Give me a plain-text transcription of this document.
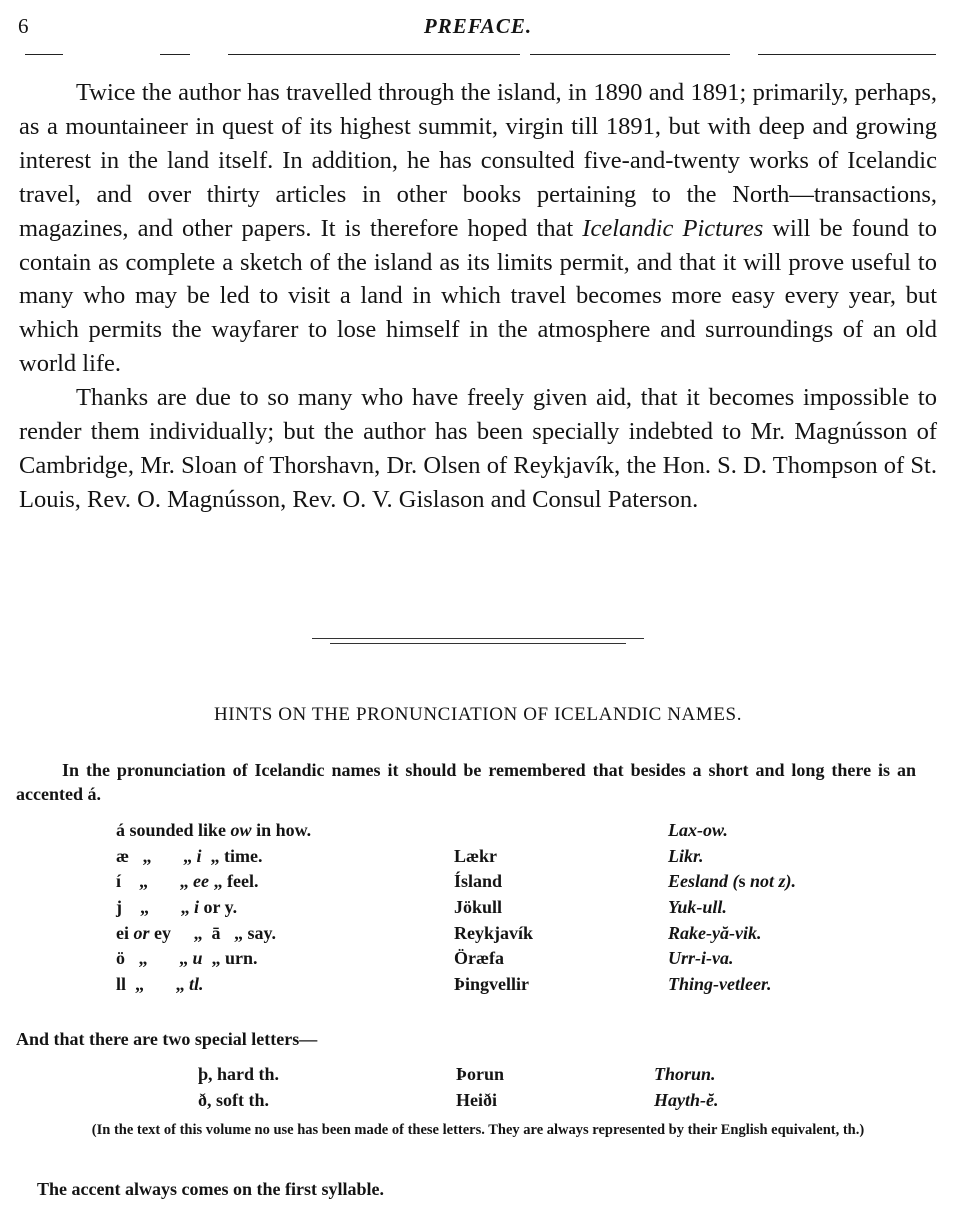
6	PREFACE.

Twice the author has travelled through the island, in 1890 and 1891; primarily, perhaps, as a mountaineer in quest of its highest summit, virgin till 1891, but with deep and growing interest in the land itself. In addition, he has consulted five-and-twenty works of Icelandic travel, and over thirty articles in other books pertaining to the North—transactions, magazines, and other papers. It is therefore hoped that Icelandic Pictures will be found to contain as complete a sketch of the island as its limits permit, and that it will prove useful to many who may be led to visit a land in which travel becomes more easy every year, but which permits the wayfarer to lose himself in the atmosphere and surroundings of an old world life.

Thanks are due to so many who have freely given aid, that it becomes impossible to render them individually; but the author has been specially indebted to Mr. Magnússon of Cambridge, Mr. Sloan of Thorshavn, Dr. Olsen of Reykjavík, the Hon. S. D. Thompson of St. Louis, Rev. O. Magnússon, Rev. O. V. Gislason and Consul Paterson.

HINTS ON THE PRONUNCIATION OF ICELANDIC NAMES.
In the pronunciation of Icelandic names it should be remembered that besides a short and long there is an accented á.
á sounded like ow in how.		Lax-ow.
æ   „       „ i  „ time.	Lækr	Likr.
í    „       „ ee „ feel.	Ísland	Eesland (s not z).
j    „       „ i or y.	Jökull	Yuk-ull.
ei or ey     „  ā   „ say.	Reykjavík	Rake-yă-vik.
ö   „       „ u  „ urn.	Öræfa	Urr-i-va.
ll  „       „ tl.	Þingvellir	Thing-vetleer.
And that there are two special letters—
þ, hard th.	Þorun	Thorun.
ð, soft th.	Heiði	Hayth-ĕ.
(In the text of this volume no use has been made of these letters. They are always represented by their English equivalent, th.)
The accent always comes on the first syllable.
